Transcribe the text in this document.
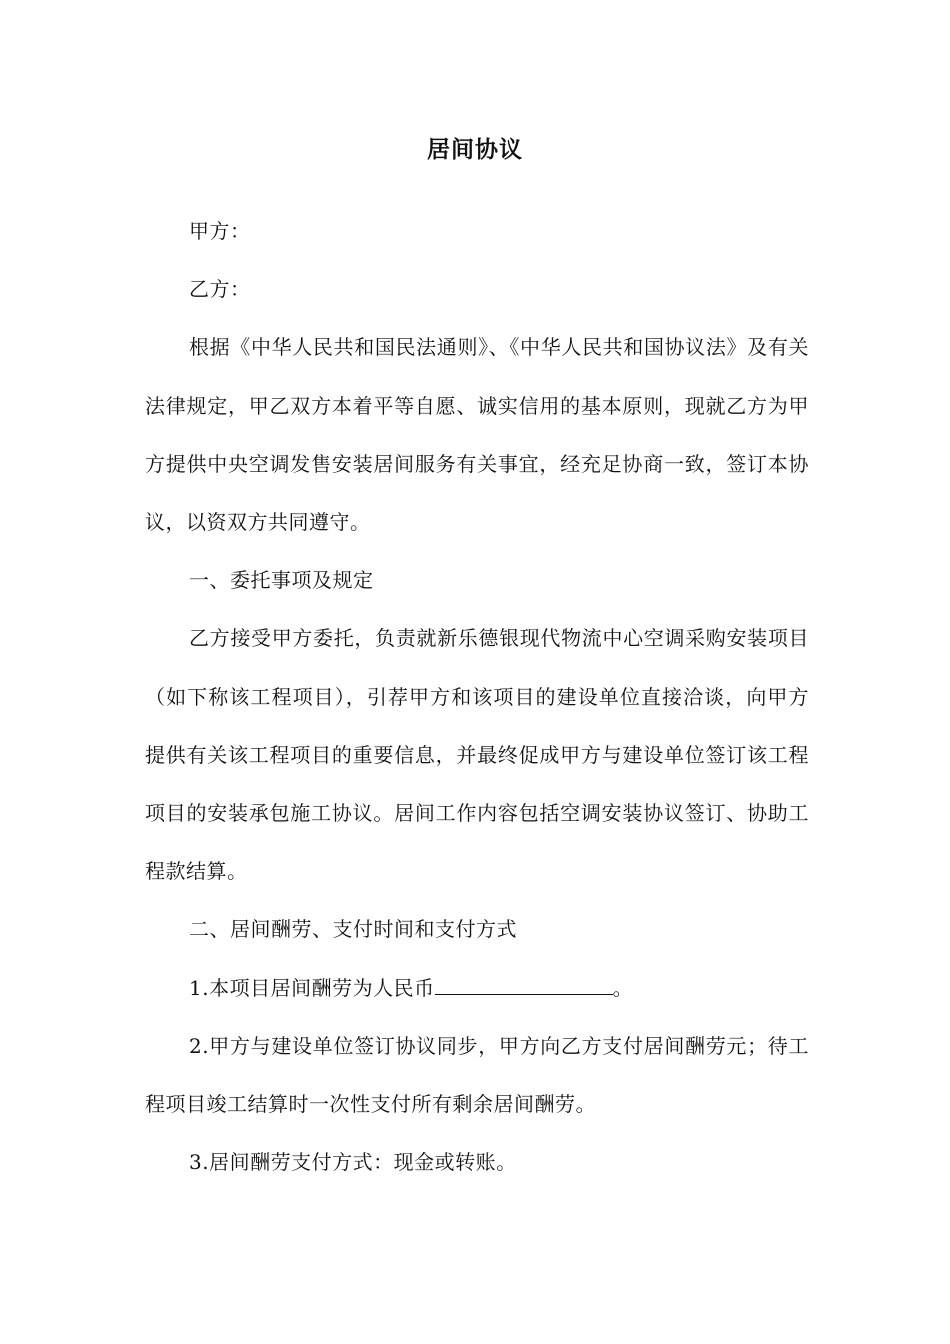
居间协议

甲方：

乙方：

根据《中华人民共和国民法通则》、《中华人民共和国协议法》及有关法律规定，甲乙双方本着平等自愿、诚实信用的基本原则，现就乙方为甲方提供中央空调发售安装居间服务有关事宜，经充足协商一致，签订本协议，以资双方共同遵守。

一、委托事项及规定

乙方接受甲方委托，负责就新乐德银现代物流中心空调采购安装项目（如下称该工程项目），引荐甲方和该项目的建设单位直接洽谈，向甲方提供有关该工程项目的重要信息，并最终促成甲方与建设单位签订该工程项目的安装承包施工协议。居间工作内容包括空调安装协议签订、协助工程款结算。

二、居间酬劳、支付时间和支付方式

1.本项目居间酬劳为人民币	。

2.甲方与建设单位签订协议同步，甲方向乙方支付居间酬劳元；待工程项目竣工结算时一次性支付所有剩余居间酬劳。

3.居间酬劳支付方式：现金或转账。
